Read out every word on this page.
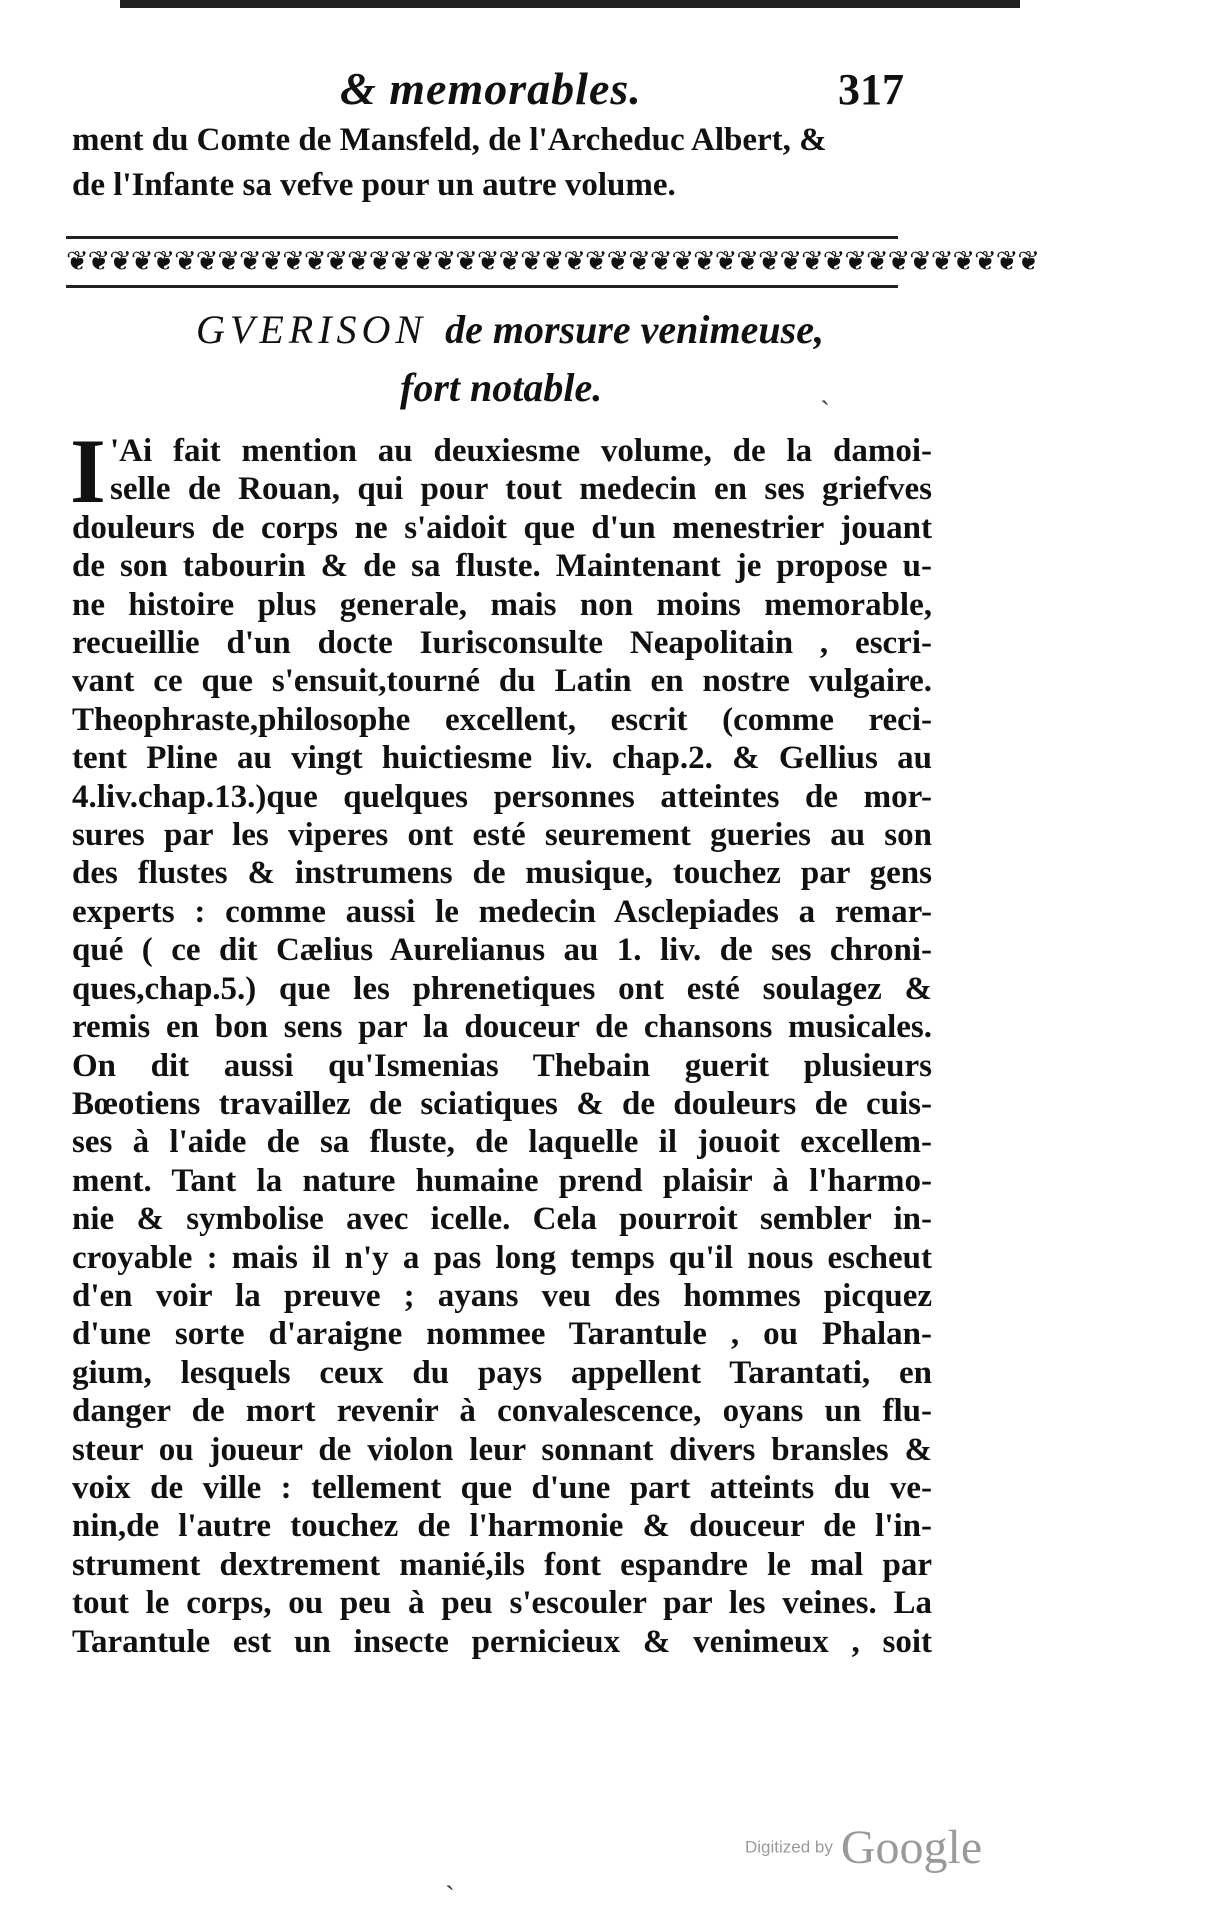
& memorables.	317
ment du Comte de Mansfeld, de l'Archeduc Albert, &
de l'Infante sa vefve pour un autre volume.
❦❦❦❦❦❦❦❦❦❦❦❦❦❦❦❦❦❦❦❦❦❦❦❦❦❦❦❦❦❦❦❦❦❦❦❦❦❦❦❦❦❦❦❦❦
GVERISON de morsure venimeuse,
fort notable.
I 'Ai fait mention au deuxiesme volume, de la damoi-
selle de Rouan, qui pour tout medecin en ses griefves
douleurs de corps ne s'aidoit que d'un menestrier jouant
de son tabourin & de sa fluste. Maintenant je propose u-
ne histoire plus generale, mais non moins memorable,
recueillie d'un docte Iurisconsulte Neapolitain , escri-
vant ce que s'ensuit,tourné du Latin en nostre vulgaire.
Theophraste,philosophe excellent, escrit (comme reci-
tent Pline au vingt huictiesme liv. chap.2. & Gellius au
4.liv.chap.13.)que quelques personnes atteintes de mor-
sures par les viperes ont esté seurement gueries au son
des flustes & instrumens de musique, touchez par gens
experts : comme aussi le medecin Asclepiades a remar-
qué ( ce dit Cælius Aurelianus au 1. liv. de ses chroni-
ques,chap.5.) que les phrenetiques ont esté soulagez &
remis en bon sens par la douceur de chansons musicales.
On dit aussi qu'Ismenias Thebain guerit plusieurs
Bœotiens travaillez de sciatiques & de douleurs de cuis-
ses à l'aide de sa fluste, de laquelle il jouoit excellem-
ment. Tant la nature humaine prend plaisir à l'harmo-
nie & symbolise avec icelle. Cela pourroit sembler in-
croyable : mais il n'y a pas long temps qu'il nous escheut
d'en voir la preuve ; ayans veu des hommes picquez
d'une sorte d'araigne nommee Tarantule , ou Phalan-
gium, lesquels ceux du pays appellent Tarantati, en
danger de mort revenir à convalescence, oyans un flu-
steur ou joueur de violon leur sonnant divers bransles &
voix de ville : tellement que d'une part atteints du ve-
nin,de l'autre touchez de l'harmonie & douceur de l'in-
strument dextrement manié,ils font espandre le mal par
tout le corps, ou peu à peu s'escouler par les veines. La
Tarantule est un insecte pernicieux & venimeux , soit
ˋ
ˋ
Digitized by Google
